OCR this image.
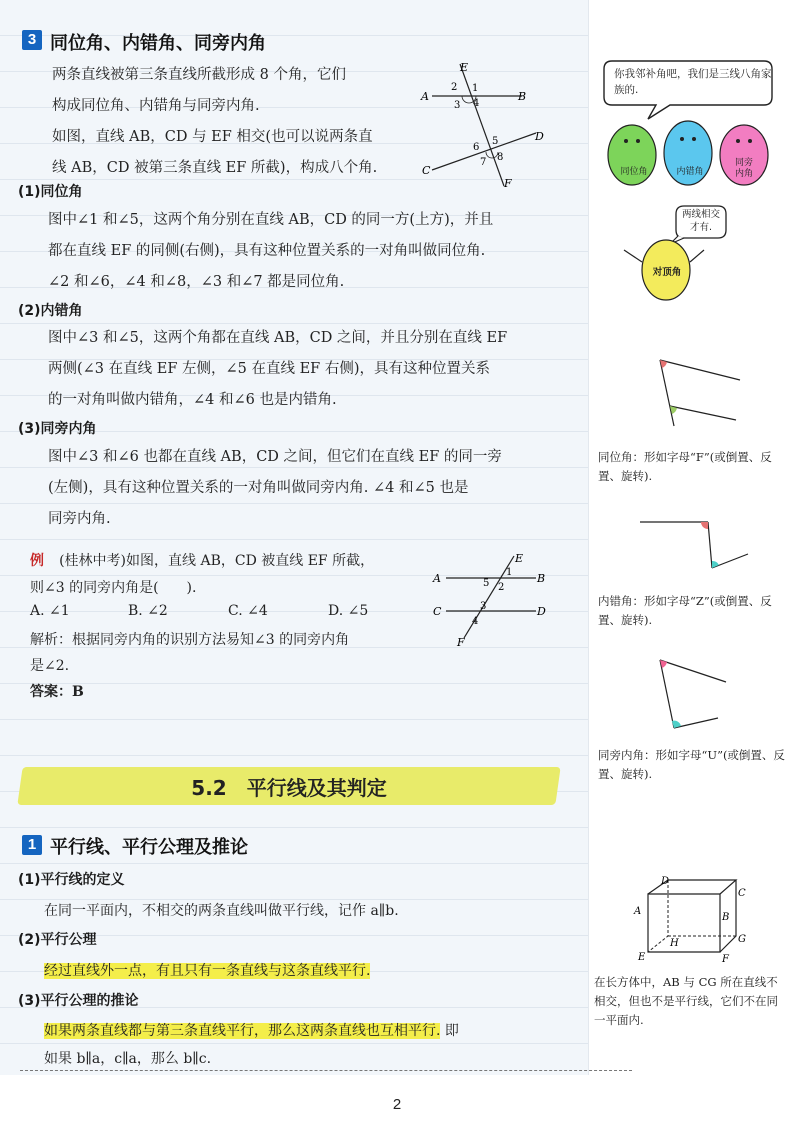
3 同位角、内错角、同旁内角
两条直线被第三条直线所截形成 8 个角，它们
构成同位角、内错角与同旁内角.
如图，直线 AB，CD 与 EF 相交(也可以说两条直
线 AB，CD 被第三条直线 EF 所截)，构成八个角.
E
A	B
C
D
F
1
2
3 4
5
6
7 8
(1)同位角
图中∠1 和∠5，这两个角分别在直线 AB，CD 的同一方(上方)，并且
都在直线 EF 的同侧(右侧)，具有这种位置关系的一对角叫做同位角.
∠2 和∠6，∠4 和∠8，∠3 和∠7 都是同位角.
(2)内错角
图中∠3 和∠5，这两个角都在直线 AB，CD 之间，并且分别在直线 EF
两侧(∠3 在直线 EF 左侧，∠5 在直线 EF 右侧)，具有这种位置关系
的一对角叫做内错角，∠4 和∠6 也是内错角.
(3)同旁内角
图中∠3 和∠6 也都在直线 AB，CD 之间，但它们在直线 EF 的同一旁
(左侧)，具有这种位置关系的一对角叫做同旁内角. ∠4 和∠5 也是
同旁内角.
例 (桂林中考)如图，直线 AB，CD 被直线 EF 所截，
则∠3 的同旁内角是(　　).
A. ∠1	B. ∠2	C. ∠4	D. ∠5
解析：根据同旁内角的识别方法易知∠3 的同旁内角
是∠2.
答案：B
A	B
C	D
E
F
1
2
3
4
5
5.2　平行线及其判定
1 平行线、平行公理及推论
(1)平行线的定义
在同一平面内，不相交的两条直线叫做平行线，记作 a∥b.
(2)平行公理
经过直线外一点，有且只有一条直线与这条直线平行.
(3)平行公理的推论
如果两条直线都与第三条直线平行，那么这两条直线也互相平行. 即
如果 b∥a，c∥a，那么 b∥c.
2
你我邻补角吧，我们是三线八角家族的.
同位角	内错角
同旁内角
两线相交才有.
对顶角
同位角：形如字母“F”(或倒置、反置、旋转).
内错角：形如字母“Z”(或倒置、反置、旋转).
同旁内角：形如字母“U”(或倒置、反置、旋转).
D
C
A
B
E	F
G
H
在长方体中，AB 与 CG 所在直线不相交，但也不是平行线，它们不在同一平面内.
